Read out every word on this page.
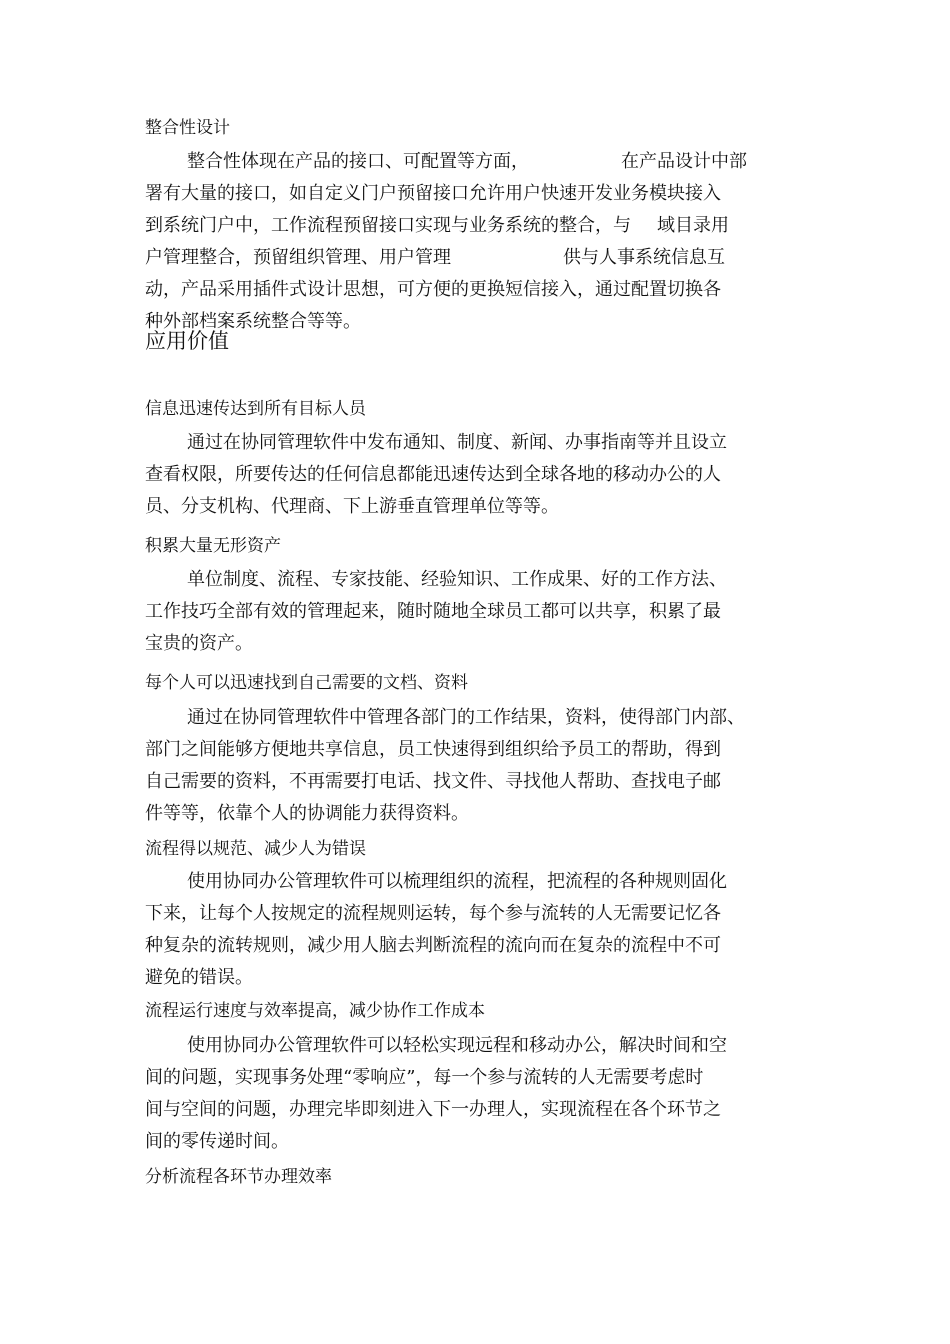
整合性设计
整合性体现在产品的接口、可配置等方面，	在产品设计中部
署有大量的接口，如自定义门户预留接口允许用户快速开发业务模块接入
到系统门户中，工作流程预留接口实现与业务系统的整合，与 域目录用
户管理整合，预留组织管理、用户管理	供与人事系统信息互
动，产品采用插件式设计思想，可方便的更换短信接入，通过配置切换各
种外部档案系统整合等等。
应用价值
信息迅速传达到所有目标人员
通过在协同管理软件中发布通知、制度、新闻、办事指南等并且设立
查看权限，所要传达的任何信息都能迅速传达到全球各地的移动办公的人
员、分支机构、代理商、下上游垂直管理单位等等。
积累大量无形资产
单位制度、流程、专家技能、经验知识、工作成果、好的工作方法、
工作技巧全部有效的管理起来，随时随地全球员工都可以共享，积累了最
宝贵的资产。
每个人可以迅速找到自己需要的文档、资料
通过在协同管理软件中管理各部门的工作结果，资料，使得部门内部、
部门之间能够方便地共享信息，员工快速得到组织给予员工的帮助，得到
自己需要的资料，不再需要打电话、找文件、寻找他人帮助、查找电子邮
件等等，依靠个人的协调能力获得资料。
流程得以规范、减少人为错误
使用协同办公管理软件可以梳理组织的流程，把流程的各种规则固化
下来，让每个人按规定的流程规则运转，每个参与流转的人无需要记忆各
种复杂的流转规则，减少用人脑去判断流程的流向而在复杂的流程中不可
避免的错误。
流程运行速度与效率提高，减少协作工作成本
使用协同办公管理软件可以轻松实现远程和移动办公，解决时间和空
间的问题，实现事务处理“零响应”，每一个参与流转的人无需要考虑时
间与空间的问题，办理完毕即刻进入下一办理人，实现流程在各个环节之
间的零传递时间。
分析流程各环节办理效率
